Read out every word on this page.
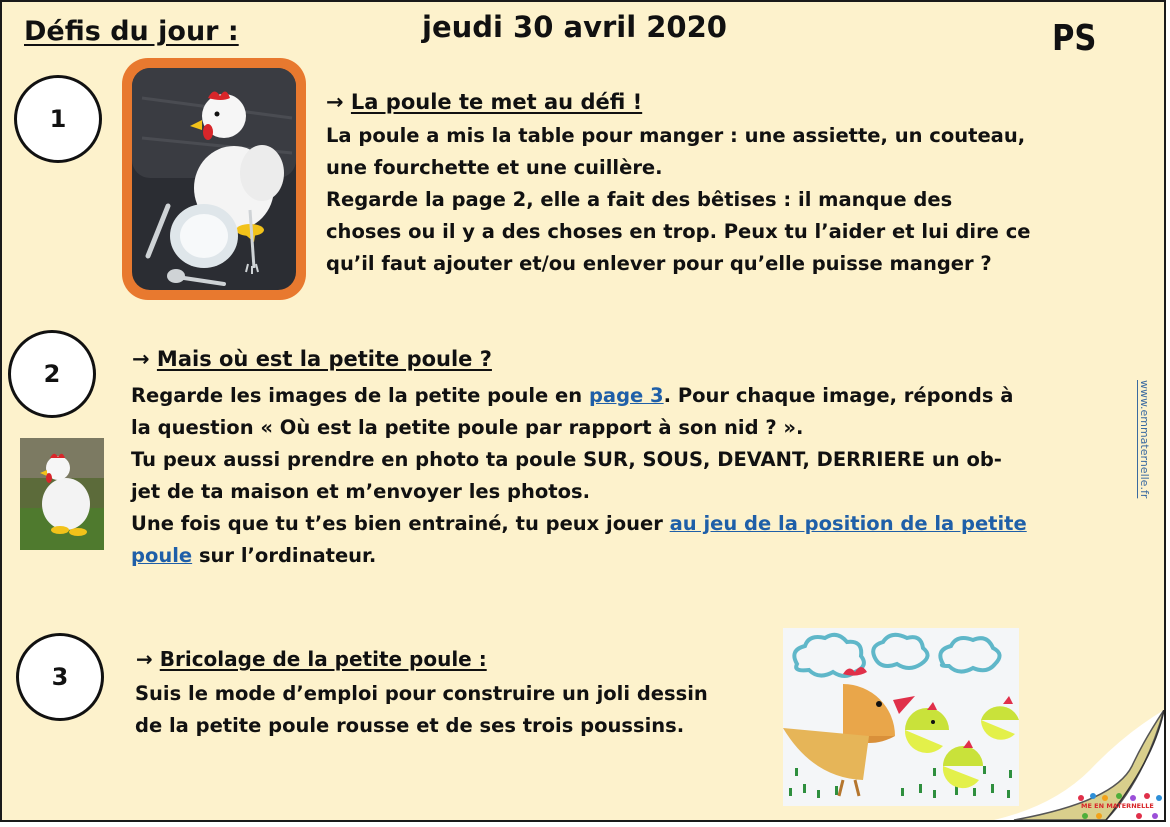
Défis du jour :	jeudi 30 avril 2020	PS
1
→ La poule te met au défi !
La poule a mis la table pour manger : une assiette, un couteau,
une fourchette et une cuillère.
Regarde la page 2, elle a fait des bêtises : il manque des
choses ou il y a des choses en trop. Peux tu l’aider et lui dire ce
qu’il faut ajouter et/ou enlever pour qu’elle puisse manger ?
2
→ Mais où est la petite poule ?
Regarde les images de la petite poule en page 3. Pour chaque image, réponds à
la question « Où est la petite poule par rapport à son nid ? ».
Tu peux aussi prendre en photo ta poule SUR, SOUS, DEVANT, DERRIERE un ob-
jet de ta maison et m’envoyer les photos.
Une fois que tu t’es bien entrainé, tu peux jouer au jeu de la position de la petite
poule sur l’ordinateur.
www.emmaternelle.fr
3
→ Bricolage de la petite poule :
Suis le mode d’emploi pour construire un joli dessin
de la petite poule rousse et de ses trois poussins.
ME EN MATERNELLE
